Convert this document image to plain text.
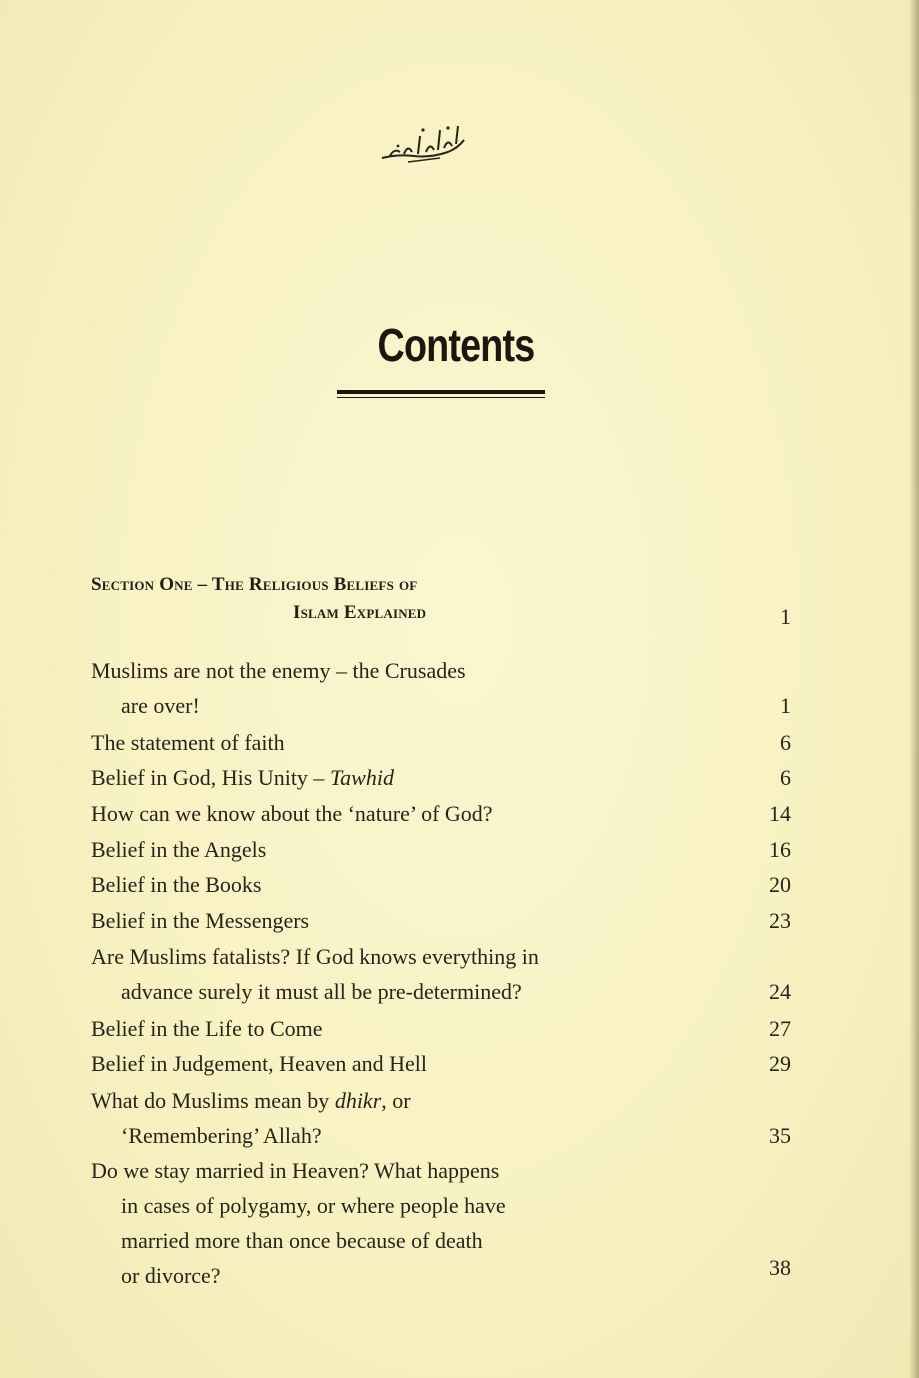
Contents
Section One – The Religious Beliefs of
Islam Explained	1
Muslims are not the enemy – the Crusades
are over!	1
The statement of faith	6
Belief in God, His Unity – Tawhid	6
How can we know about the ‘nature’ of God?	14
Belief in the Angels	16
Belief in the Books	20
Belief in the Messengers	23
Are Muslims fatalists? If God knows everything in
advance surely it must all be pre-determined?	24
Belief in the Life to Come	27
Belief in Judgement, Heaven and Hell	29
What do Muslims mean by dhikr, or
‘Remembering’ Allah?	35
Do we stay married in Heaven? What happens
in cases of polygamy, or where people have
married more than once because of death
or divorce?	38
